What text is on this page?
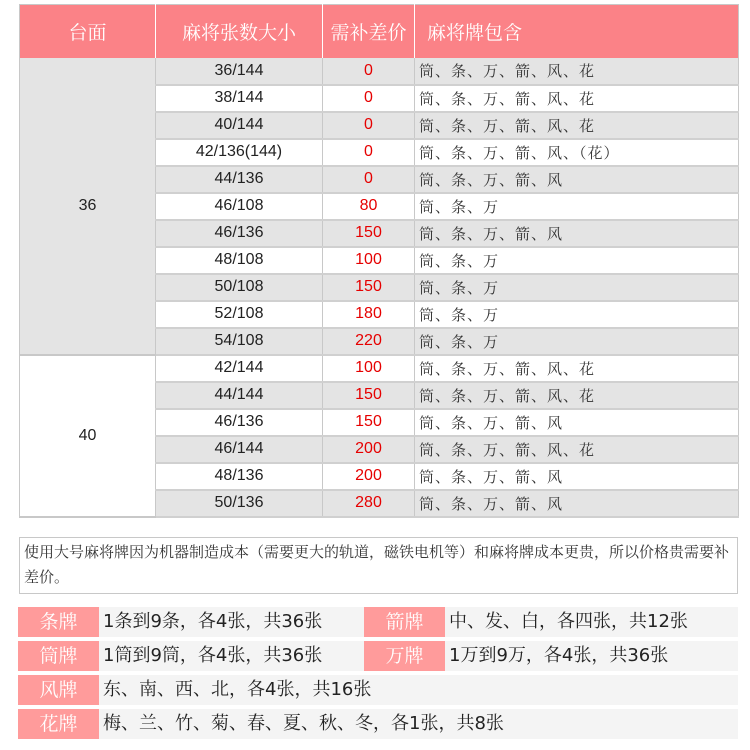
台面	麻将张数大小	需补差价	麻将牌包含
36	36/144	0	筒、条、万、箭、风、花
	38/144	0	筒、条、万、箭、风、花
	40/144	0	筒、条、万、箭、风、花
	42/136(144)	0	筒、条、万、箭、风、（花）
	44/136	0	筒、条、万、箭、风
	46/108	80	筒、条、万
	46/136	150	筒、条、万、箭、风
	48/108	100	筒、条、万
	50/108	150	筒、条、万
	52/108	180	筒、条、万
	54/108	220	筒、条、万
40	42/144	100	筒、条、万、箭、风、花
	44/144	150	筒、条、万、箭、风、花
	46/136	150	筒、条、万、箭、风
	46/144	200	筒、条、万、箭、风、花
	48/136	200	筒、条、万、箭、风
	50/136	280	筒、条、万、箭、风
使用大号麻将牌因为机器制造成本（需要更大的轨道，磁铁电机等）和麻将牌成本更贵，所以价格贵需要补差价。
条牌	1条到9条，各4张，共36张	箭牌	中、发、白，各四张，共12张
筒牌	1筒到9筒，各4张，共36张	万牌	1万到9万，各4张，共36张
风牌	东、南、西、北，各4张，共16张
花牌	梅、兰、竹、菊、春、夏、秋、冬，各1张，共8张
